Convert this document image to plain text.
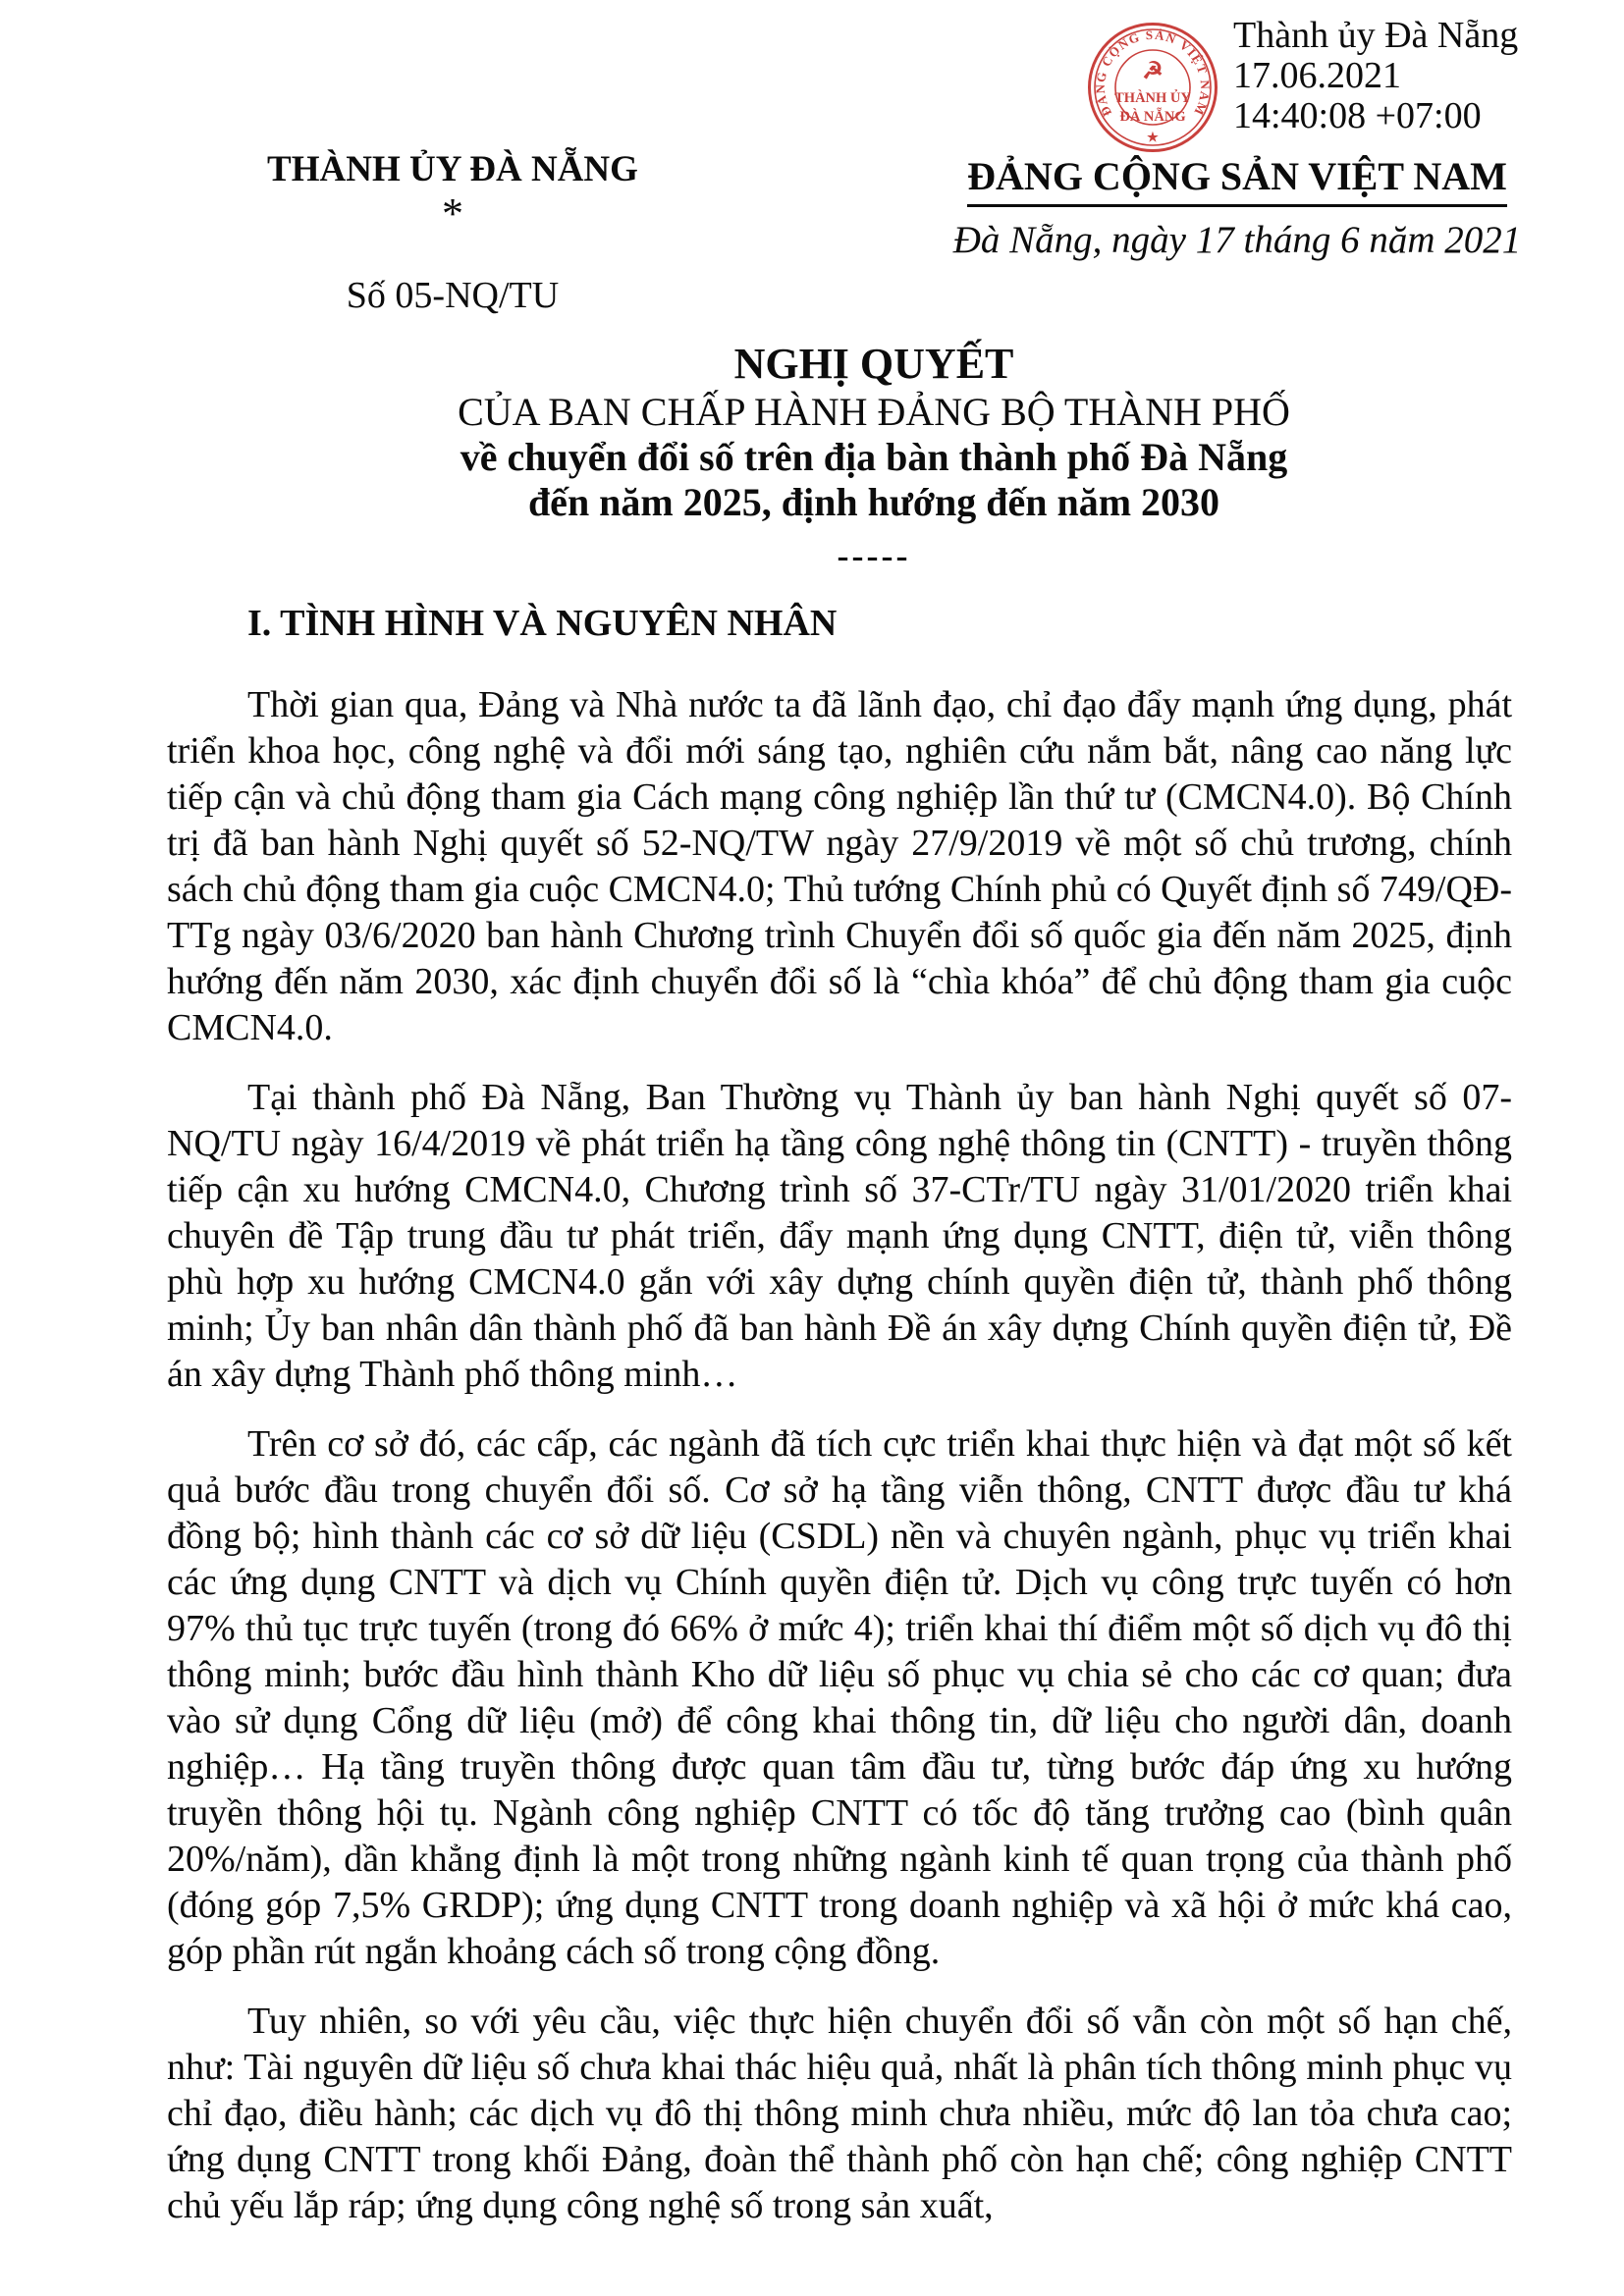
ĐẢNG CỘNG SẢN VIỆT NAM
☭
THÀNH ỦY
ĐÀ NẴNG
★
Thành ủy Đà Nẵng
17.06.2021
14:40:08 +07:00
THÀNH ỦY ĐÀ NẴNG
*
Số 05-NQ/TU
ĐẢNG CỘNG SẢN VIỆT NAM
Đà Nẵng, ngày 17 tháng 6 năm 2021
NGHỊ QUYẾT
CỦA BAN CHẤP HÀNH ĐẢNG BỘ THÀNH PHỐ
về chuyển đổi số trên địa bàn thành phố Đà Nẵng
đến năm 2025, định hướng đến năm 2030
-----
I. TÌNH HÌNH VÀ NGUYÊN NHÂN

Thời gian qua, Đảng và Nhà nước ta đã lãnh đạo, chỉ đạo đẩy mạnh ứng dụng, phát triển khoa học, công nghệ và đổi mới sáng tạo, nghiên cứu nắm bắt, nâng cao năng lực tiếp cận và chủ động tham gia Cách mạng công nghiệp lần thứ tư (CMCN4.0). Bộ Chính trị đã ban hành Nghị quyết số 52-NQ/TW ngày 27/9/2019 về một số chủ trương, chính sách chủ động tham gia cuộc CMCN4.0; Thủ tướng Chính phủ có Quyết định số 749/QĐ-TTg ngày 03/6/2020 ban hành Chương trình Chuyển đổi số quốc gia đến năm 2025, định hướng đến năm 2030, xác định chuyển đổi số là “chìa khóa” để chủ động tham gia cuộc CMCN4.0.

Tại thành phố Đà Nẵng, Ban Thường vụ Thành ủy ban hành Nghị quyết số 07-NQ/TU ngày 16/4/2019 về phát triển hạ tầng công nghệ thông tin (CNTT) - truyền thông tiếp cận xu hướng CMCN4.0, Chương trình số 37-CTr/TU ngày 31/01/2020 triển khai chuyên đề Tập trung đầu tư phát triển, đẩy mạnh ứng dụng CNTT, điện tử, viễn thông phù hợp xu hướng CMCN4.0 gắn với xây dựng chính quyền điện tử, thành phố thông minh; Ủy ban nhân dân thành phố đã ban hành Đề án xây dựng Chính quyền điện tử, Đề án xây dựng Thành phố thông minh…

Trên cơ sở đó, các cấp, các ngành đã tích cực triển khai thực hiện và đạt một số kết quả bước đầu trong chuyển đổi số. Cơ sở hạ tầng viễn thông, CNTT được đầu tư khá đồng bộ; hình thành các cơ sở dữ liệu (CSDL) nền và chuyên ngành, phục vụ triển khai các ứng dụng CNTT và dịch vụ Chính quyền điện tử. Dịch vụ công trực tuyến có hơn 97% thủ tục trực tuyến (trong đó 66% ở mức 4); triển khai thí điểm một số dịch vụ đô thị thông minh; bước đầu hình thành Kho dữ liệu số phục vụ chia sẻ cho các cơ quan; đưa vào sử dụng Cổng dữ liệu (mở) để công khai thông tin, dữ liệu cho người dân, doanh nghiệp… Hạ tầng truyền thông được quan tâm đầu tư, từng bước đáp ứng xu hướng truyền thông hội tụ. Ngành công nghiệp CNTT có tốc độ tăng trưởng cao (bình quân 20%/năm), dần khẳng định là một trong những ngành kinh tế quan trọng của thành phố (đóng góp 7,5% GRDP); ứng dụng CNTT trong doanh nghiệp và xã hội ở mức khá cao, góp phần rút ngắn khoảng cách số trong cộng đồng.

Tuy nhiên, so với yêu cầu, việc thực hiện chuyển đổi số vẫn còn một số hạn chế, như: Tài nguyên dữ liệu số chưa khai thác hiệu quả, nhất là phân tích thông minh phục vụ chỉ đạo, điều hành; các dịch vụ đô thị thông minh chưa nhiều, mức độ lan tỏa chưa cao; ứng dụng CNTT trong khối Đảng, đoàn thể thành phố còn hạn chế; công nghiệp CNTT chủ yếu lắp ráp; ứng dụng công nghệ số trong sản xuất,
